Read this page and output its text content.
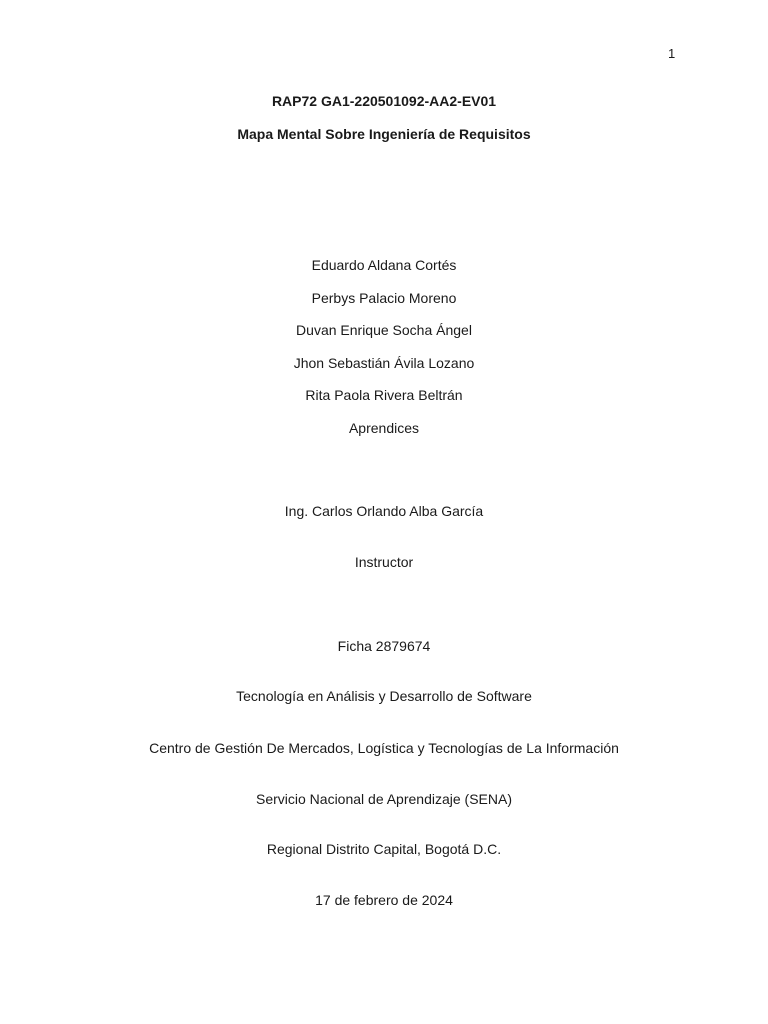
1
RAP72 GA1-220501092-AA2-EV01
Mapa Mental Sobre Ingeniería de Requisitos
Eduardo Aldana Cortés
Perbys Palacio Moreno
Duvan Enrique Socha Ángel
Jhon Sebastián Ávila Lozano
Rita Paola Rivera Beltrán
Aprendices
Ing. Carlos Orlando Alba García
Instructor
Ficha 2879674
Tecnología en Análisis y Desarrollo de Software
Centro de Gestión De Mercados, Logística y Tecnologías de La Información
Servicio Nacional de Aprendizaje (SENA)
Regional Distrito Capital, Bogotá D.C.
17 de febrero de 2024
